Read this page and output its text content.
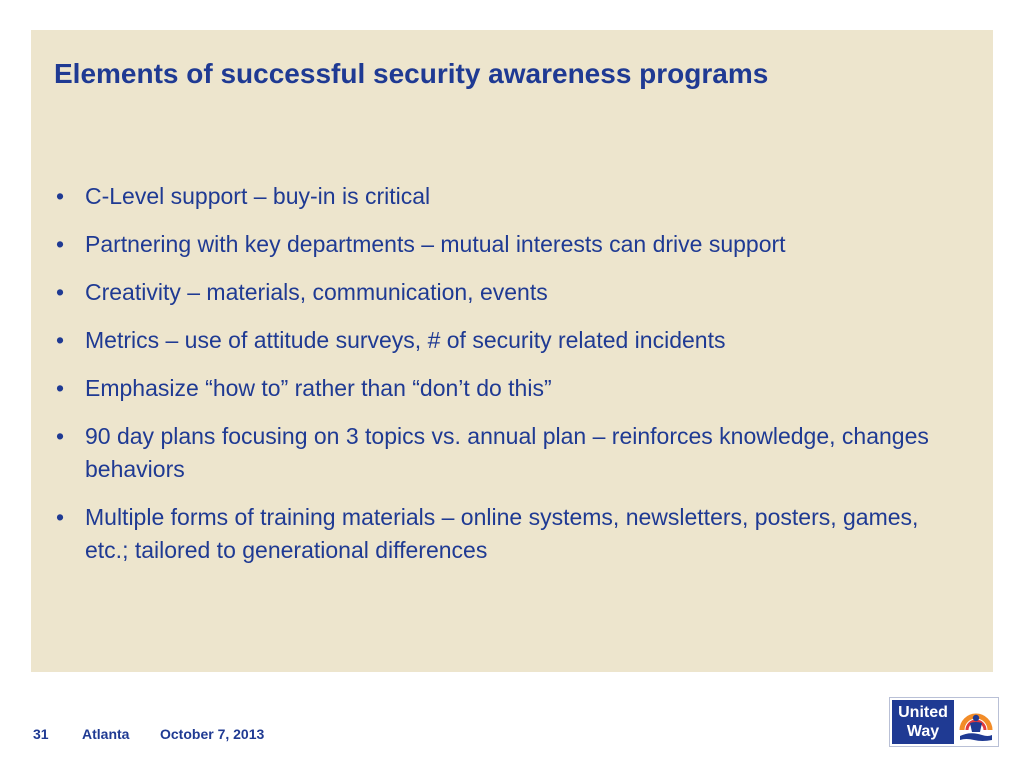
Elements of successful security awareness programs
• C-Level support – buy-in is critical
• Partnering with key departments – mutual interests can drive support
• Creativity – materials, communication, events
• Metrics – use of attitude surveys, # of security related incidents
• Emphasize “how to” rather than “don’t do this”
• 90 day plans focusing on 3 topics vs. annual plan – reinforces knowledge, changes behaviors
• Multiple forms of training materials – online systems, newsletters, posters, games, etc.; tailored to generational differences
31 Atlanta October 7, 2013
United
Way
